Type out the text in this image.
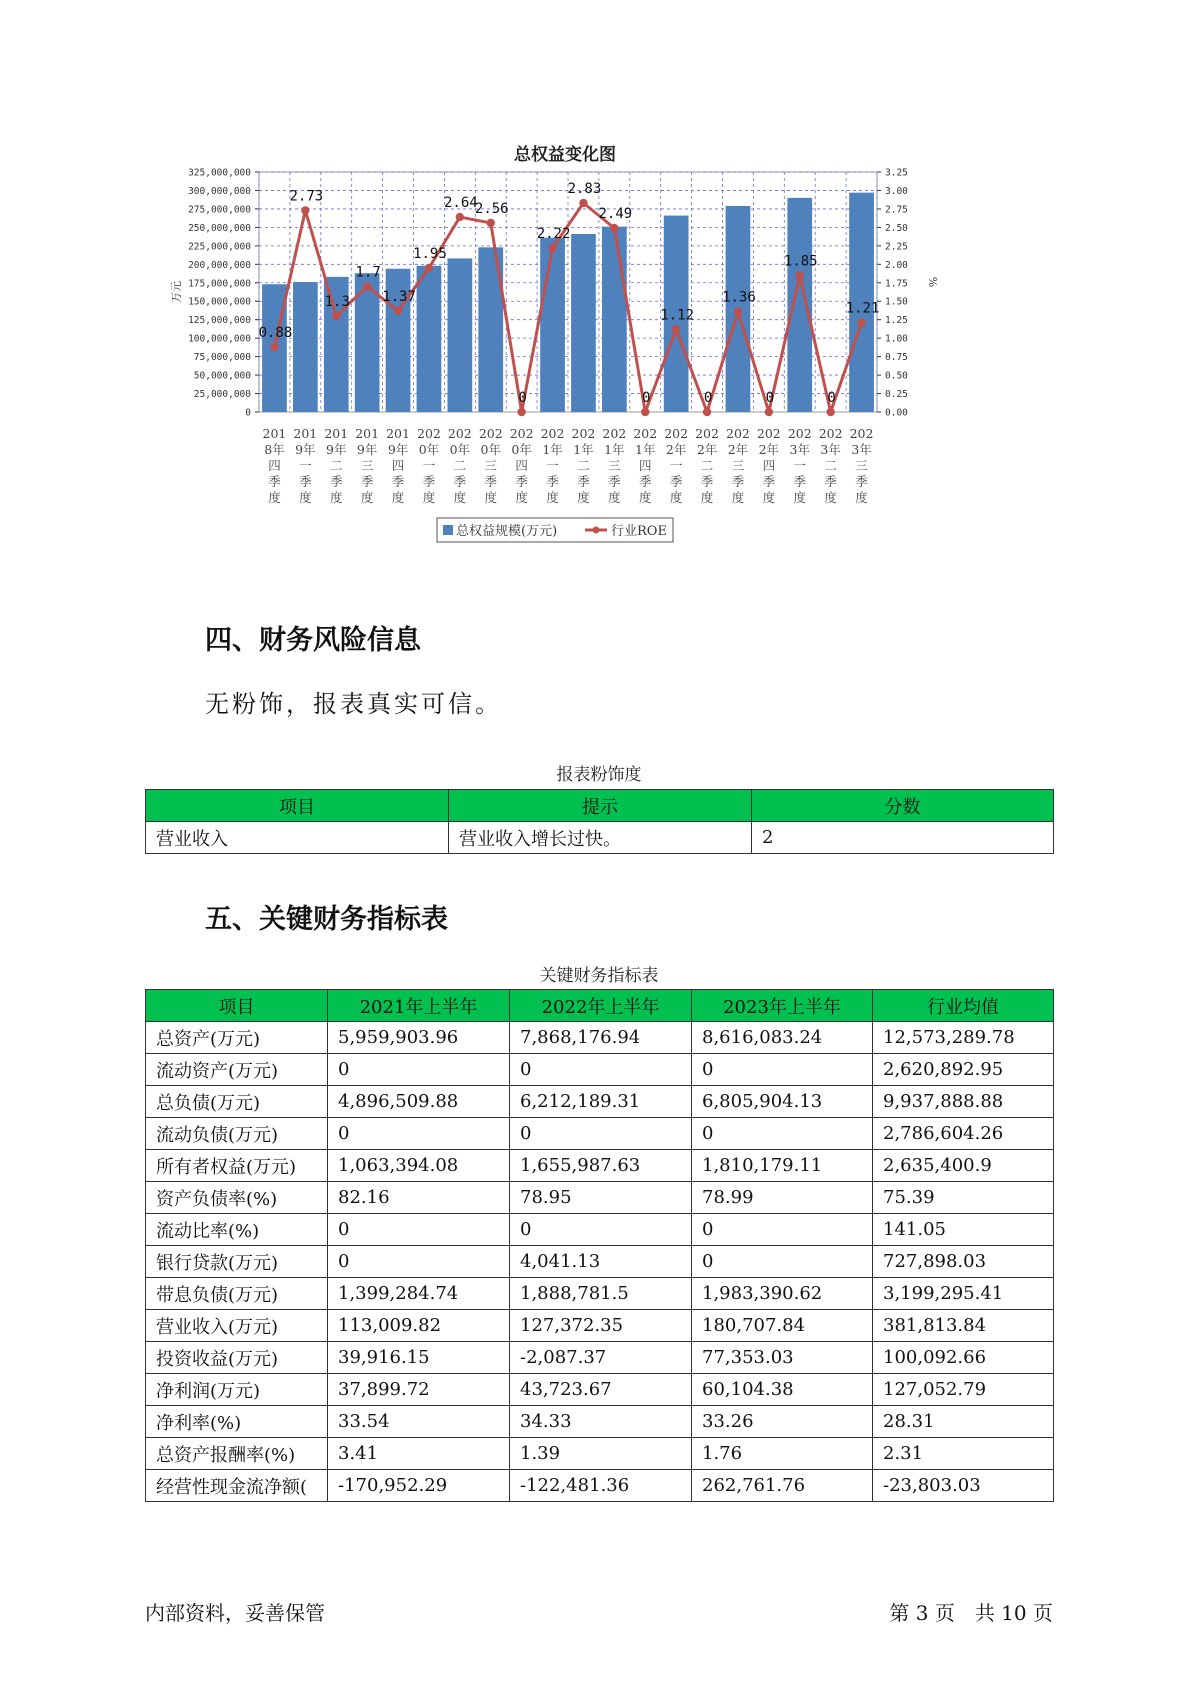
总权益变化图
0
25,000,000
50,000,000
75,000,000
100,000,000
125,000,000
150,000,000
175,000,000
200,000,000
225,000,000
250,000,000
275,000,000
300,000,000
325,000,000
0.00
0.25
0.50
0.75
1.00
1.25
1.50
1.75
2.00
2.25
2.50
2.75
3.00
3.25
万元	%
0.88
2.73
1.3
1.7
1.37
1.95
2.64
2.56
0
2.22
2.83
2.49
0
1.12
0
1.36
0
1.85
0
1.21
201
8年
四
季
度
201
9年
一
季
度
201
9年
二
季
度
201
9年
三
季
度
201
9年
四
季
度
202
0年
一
季
度
202
0年
二
季
度
202
0年
三
季
度
202
0年
四
季
度
202
1年
一
季
度
202
1年
二
季
度
202
1年
三
季
度
202
1年
四
季
度
202
2年
一
季
度
202
2年
二
季
度
202
2年
三
季
度
202
2年
四
季
度
202
3年
一
季
度
202
3年
二
季
度
202
3年
三
季
度
总权益规模(万元)	行业ROE
四、财务风险信息
无粉饰，报表真实可信。
报表粉饰度
项目	提示	分数
营业收入	营业收入增长过快。	2
五、关键财务指标表
关键财务指标表
项目	2021年上半年	2022年上半年	2023年上半年	行业均值
总资产(万元)	5,959,903.96	7,868,176.94	8,616,083.24	12,573,289.78
流动资产(万元)	0	0	0	2,620,892.95
总负债(万元)	4,896,509.88	6,212,189.31	6,805,904.13	9,937,888.88
流动负债(万元)	0	0	0	2,786,604.26
所有者权益(万元)	1,063,394.08	1,655,987.63	1,810,179.11	2,635,400.9
资产负债率(%)	82.16	78.95	78.99	75.39
流动比率(%)	0	0	0	141.05
银行贷款(万元)	0	4,041.13	0	727,898.03
带息负债(万元)	1,399,284.74	1,888,781.5	1,983,390.62	3,199,295.41
营业收入(万元)	113,009.82	127,372.35	180,707.84	381,813.84
投资收益(万元)	39,916.15	-2,087.37	77,353.03	100,092.66
净利润(万元)	37,899.72	43,723.67	60,104.38	127,052.79
净利率(%)	33.54	34.33	33.26	28.31
总资产报酬率(%)	3.41	1.39	1.76	2.31
经营性现金流净额(	-170,952.29	-122,481.36	262,761.76	-23,803.03
内部资料，妥善保管	第 3 页　共 10 页
